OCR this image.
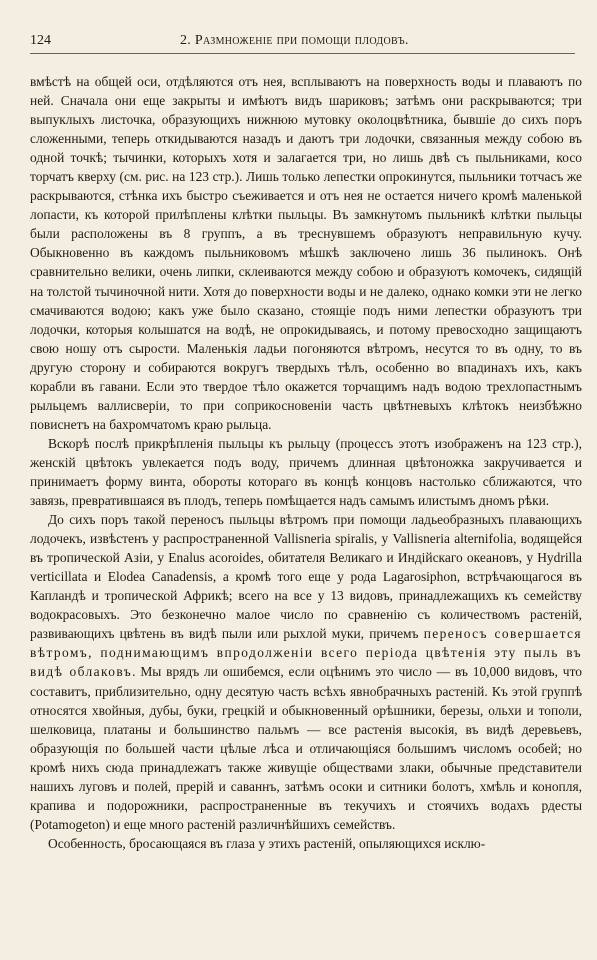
124	2. Размноженіе при помощи плодовъ.

вмѣстѣ на общей оси, отдѣляются отъ нея, всплываютъ на поверхность воды и плаваютъ по ней. Сначала они еще закрыты и имѣютъ видъ шариковъ; затѣмъ они раскрываются; три выпуклыхъ листочка, образующихъ нижнюю мутовку околоцвѣтника, бывшіе до сихъ поръ сложенными, теперь откидываются назадъ и даютъ три лодочки, связанныя между собою въ одной точкѣ; тычинки, которыхъ хотя и залагается три, но лишь двѣ съ пыльниками, косо торчатъ кверху (см. рис. на 123 стр.). Лишь только лепестки опрокинутся, пыльники тотчасъ же раскрываются, стѣнка ихъ быстро съеживается и отъ нея не остается ничего кромѣ маленькой лопасти, къ которой прилѣплены клѣтки пыльцы. Въ замкнутомъ пыльникѣ клѣтки пыльцы были расположены въ 8 группъ, а въ треснувшемъ образуютъ неправильную кучу. Обыкновенно въ каждомъ пыльниковомъ мѣшкѣ заключено лишь 36 пылинокъ. Онѣ сравнительно велики, очень липки, склеиваются между собою и образуютъ комочекъ, сидящій на толстой тычиночной нити. Хотя до поверхности воды и не далеко, однако комки эти не легко смачиваются водою; какъ уже было сказано, стоящіе подъ ними лепестки образуютъ три лодочки, которыя колышатся на водѣ, не опрокидываясь, и потому превосходно защищаютъ свою ношу отъ сырости. Маленькія ладьи погоняются вѣтромъ, несутся то въ одну, то въ другую сторону и собираются вокругъ твердыхъ тѣлъ, особенно во впадинахъ ихъ, какъ корабли въ гавани. Если это твердое тѣло окажется торчащимъ надъ водою трехлопастнымъ рыльцемъ валлисверіи, то при соприкосновеніи часть цвѣтневыхъ клѣтокъ неизбѣжно повиснетъ на бахромчатомъ краю рыльца.

Вскорѣ послѣ прикрѣпленія пыльцы къ рыльцу (процессъ этотъ изображенъ на 123 стр.), женскій цвѣтокъ увлекается подъ воду, причемъ длинная цвѣтоножка закручивается и принимаетъ форму винта, обороты котораго въ концѣ концовъ настолько сближаются, что завязь, превратившаяся въ плодъ, теперь помѣщается надъ самымъ илистымъ дномъ рѣки.

До сихъ поръ такой переносъ пыльцы вѣтромъ при помощи ладьеобразныхъ плавающихъ лодочекъ, извѣстенъ у распространенной Vallisneria spiralis, у Vallisneria alternifolia, водящейся въ тропической Азіи, у Enalus acoroides, обитателя Великаго и Индійскаго океановъ, у Hydrilla verticillata и Elodea Canadensis, а кромѣ того еще у рода Lagarosiphon, встрѣчающагося въ Капландѣ и тропической Африкѣ; всего на все у 13 видовъ, принадлежащихъ къ семейству водокрасовыхъ. Это безконечно малое число по сравненію съ количествомъ растеній, развивающихъ цвѣтень въ видѣ пыли или рыхлой муки, причемъ переносъ совершается вѣтромъ, поднимающимъ впродолженіи всего періода цвѣтенія эту пыль въ видѣ облаковъ. Мы врядъ ли ошибемся, если оцѣнимъ это число — въ 10,000 видовъ, что составитъ, приблизительно, одну десятую часть всѣхъ явнобрачныхъ растеній. Къ этой группѣ относятся хвойныя, дубы, буки, грецкій и обыкновенный орѣшники, березы, ольхи и тополи, шелковица, платаны и большинство пальмъ — все растенія высокія, въ видѣ деревьевъ, образующія по большей части цѣлые лѣса и отличающіяся большимъ числомъ особей; но кромѣ нихъ сюда принадлежатъ также живущіе обществами злаки, обычные представители нашихъ луговъ и полей, прерій и саваннъ, затѣмъ осоки и ситники болотъ, хмѣль и конопля, крапива и подорожники, распространенные въ текучихъ и стоячихъ водахъ рдесты (Potamogeton) и еще много растеній различнѣйшихъ семействъ.

Особенность, бросающаяся въ глаза у этихъ растеній, опыляющихся исклю-
